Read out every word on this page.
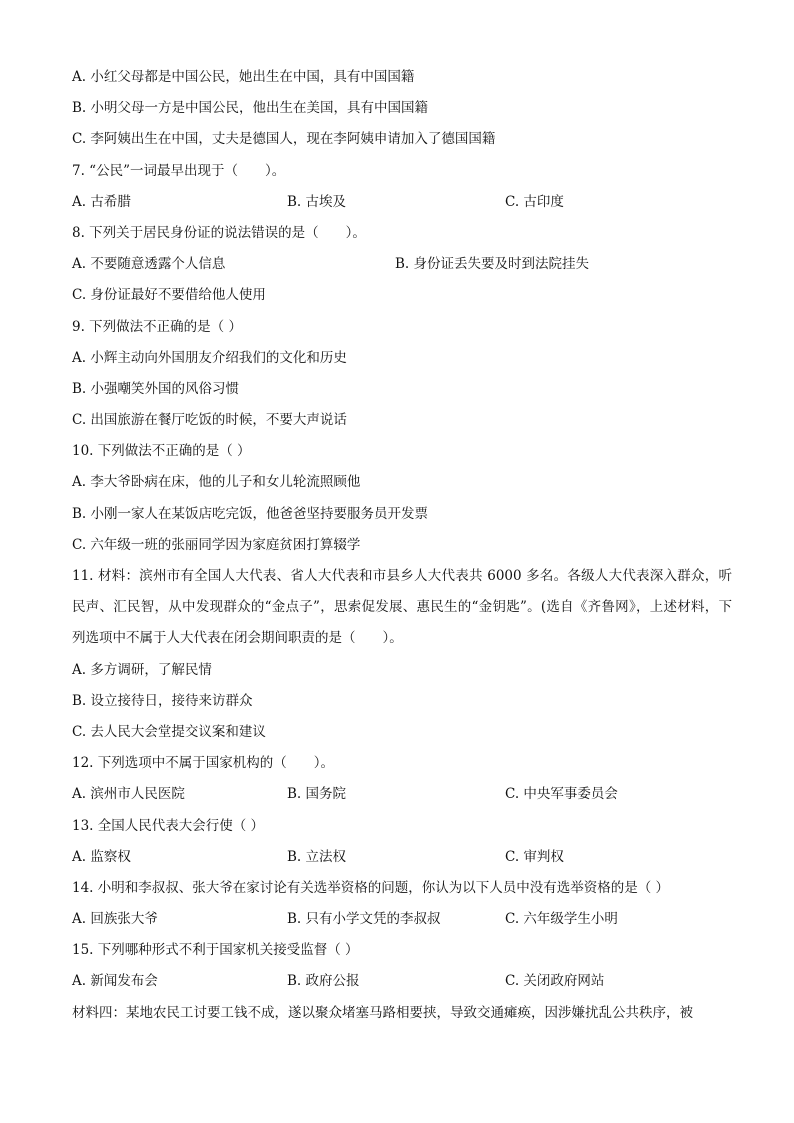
A. 小红父母都是中国公民，她出生在中国，具有中国国籍
B. 小明父母一方是中国公民，他出生在美国，具有中国国籍
C. 李阿姨出生在中国，丈夫是德国人，现在李阿姨申请加入了德国国籍
7. “公民”一词最早出现于（　　）。
A. 古希腊	B. 古埃及	C. 古印度
8. 下列关于居民身份证的说法错误的是（　　）。
A. 不要随意透露个人信息	B. 身份证丢失要及时到法院挂失
C. 身份证最好不要借给他人使用
9. 下列做法不正确的是（ ）
A. 小辉主动向外国朋友介绍我们的文化和历史
B. 小强嘲笑外国的风俗习惯
C. 出国旅游在餐厅吃饭的时候，不要大声说话
10. 下列做法不正确的是（ ）
A. 李大爷卧病在床，他的儿子和女儿轮流照顾他
B. 小刚一家人在某饭店吃完饭，他爸爸坚持要服务员开发票
C. 六年级一班的张丽同学因为家庭贫困打算辍学
11. 材料：滨州市有全国人大代表、省人大代表和市县乡人大代表共 6000 多名。各级人大代表深入群众，听民声、汇民智，从中发现群众的“金点子”，思索促发展、惠民生的“金钥匙”。(选自《齐鲁网》，上述材料，下列选项中不属于人大代表在闭会期间职责的是（　　）。
A. 多方调研，了解民情
B. 设立接待日，接待来访群众
C. 去人民大会堂提交议案和建议
12. 下列选项中不属于国家机构的（　　）。
A. 滨州市人民医院	B. 国务院	C. 中央军事委员会
13. 全国人民代表大会行使（ ）
A. 监察权	B. 立法权	C. 审判权
14. 小明和李叔叔、张大爷在家讨论有关选举资格的问题，你认为以下人员中没有选举资格的是（ ）
A. 回族张大爷	B. 只有小学文凭的李叔叔	C. 六年级学生小明
15. 下列哪种形式不利于国家机关接受监督（ ）
A. 新闻发布会	B. 政府公报	C. 关闭政府网站
材料四：某地农民工讨要工钱不成，遂以聚众堵塞马路相要挟，导致交通瘫痪，因涉嫌扰乱公共秩序，被
